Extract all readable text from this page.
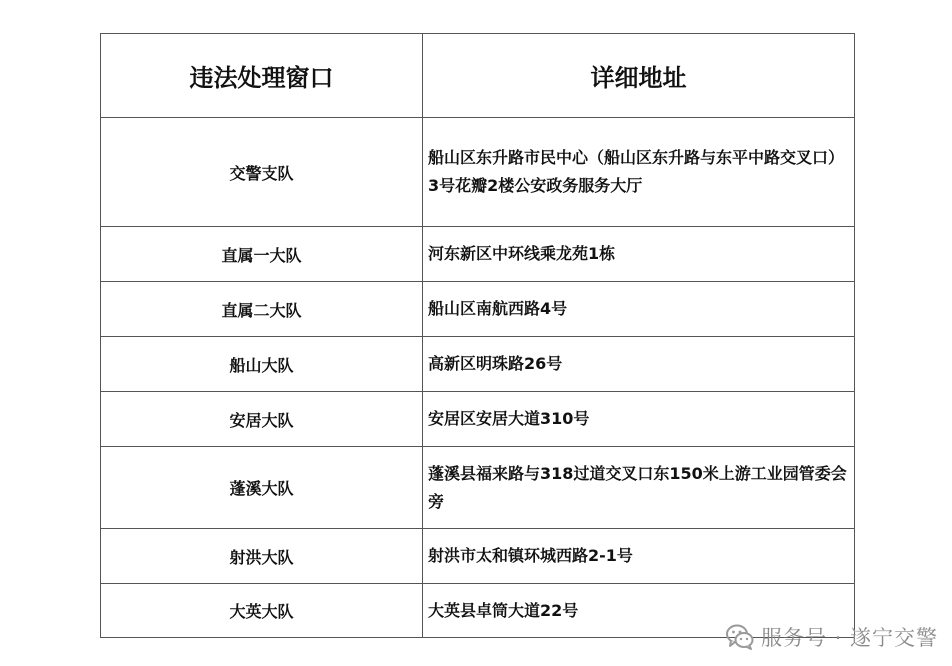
违法处理窗口	详细地址
交警支队	船山区东升路市民中心（船山区东升路与东平中路交叉口）3号花瓣2楼公安政务服务大厅
直属一大队	河东新区中环线乘龙苑1栋
直属二大队	船山区南航西路4号
船山大队	高新区明珠路26号
安居大队	安居区安居大道310号
蓬溪大队	蓬溪县福来路与318过道交叉口东150米上游工业园管委会旁
射洪大队	射洪市太和镇环城西路2-1号
大英大队	大英县卓筒大道22号
服务号 · 遂宁交警
